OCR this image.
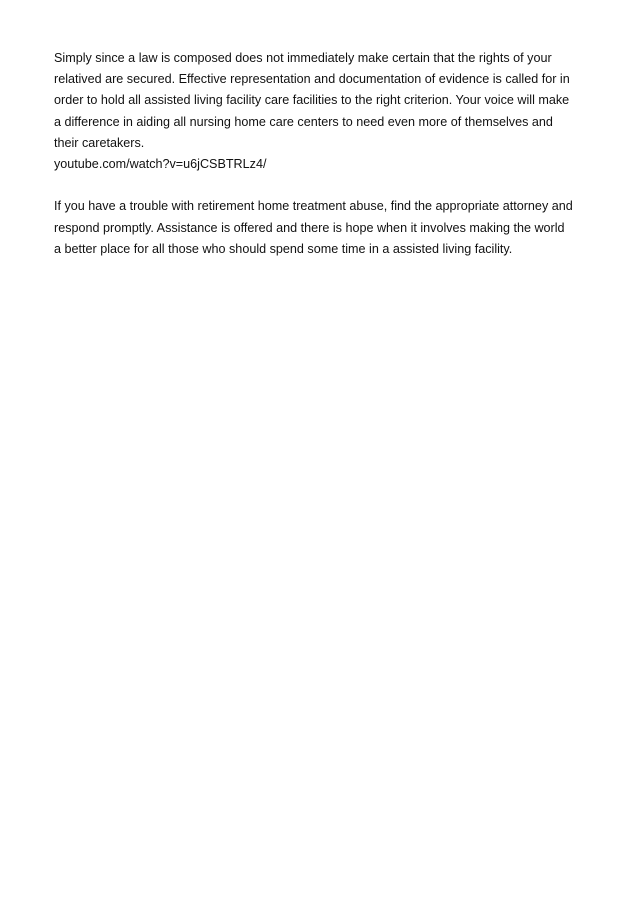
Simply since a law is composed does not immediately make certain that the rights of your
relatived are secured. Effective representation and documentation of evidence is called for in
order to hold all assisted living facility care facilities to the right criterion. Your voice will make
a difference in aiding all nursing home care centers to need even more of themselves and
their caretakers.
youtube.com/watch?v=u6jCSBTRLz4/
If you have a trouble with retirement home treatment abuse, find the appropriate attorney and
respond promptly. Assistance is offered and there is hope when it involves making the world
a better place for all those who should spend some time in a assisted living facility.
